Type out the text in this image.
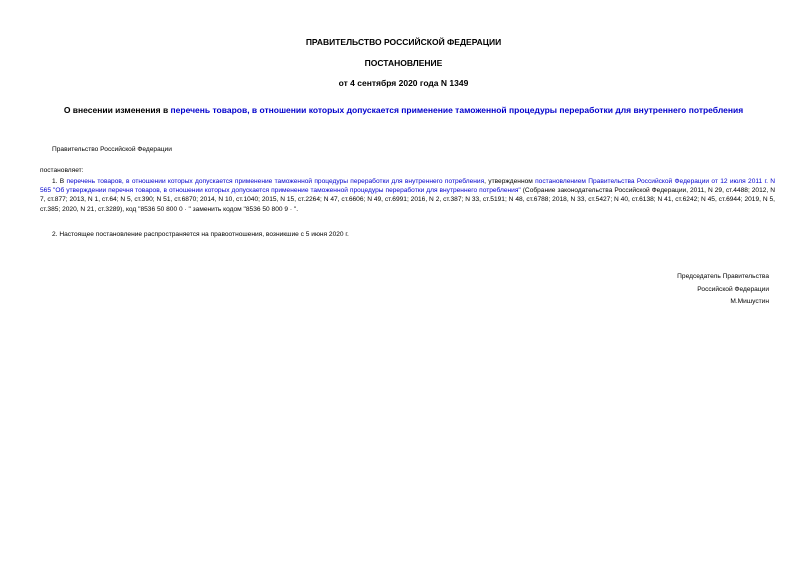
ПРАВИТЕЛЬСТВО РОССИЙСКОЙ ФЕДЕРАЦИИ
ПОСТАНОВЛЕНИЕ
от 4 сентября 2020 года N 1349
О внесении изменения в перечень товаров, в отношении которых допускается применение таможенной процедуры переработки для внутреннего потребления
Правительство Российской Федерации
постановляет:
1. В перечень товаров, в отношении которых допускается применение таможенной процедуры переработки для внутреннего потребления, утвержденном постановлением Правительства Российской Федерации от 12 июля 2011 г. N 565 "Об утверждении перечня товаров, в отношении которых допускается применение таможенной процедуры переработки для внутреннего потребления" (Собрание законодательства Российской Федерации, 2011, N 29, ст.4488; 2012, N 7, ст.877; 2013, N 1, ст.64; N 5, ст.390; N 51, ст.6870; 2014, N 10, ст.1040; 2015, N 15, ст.2264; N 47, ст.6606; N 49, ст.6991; 2016, N 2, ст.387; N 33, ст.5191; N 48, ст.6788; 2018, N 33, ст.5427; N 40, ст.6138; N 41, ст.6242; N 45, ст.6944; 2019, N 5, ст.385; 2020, N 21, ст.3289), код "8536 50 800 0 · " заменить кодом "8536 50 800 9 · ".
2. Настоящее постановление распространяется на правоотношения, возникшие с 5 июня 2020 г.
Председатель Правительства
Российской Федерации
М.Мишустин
